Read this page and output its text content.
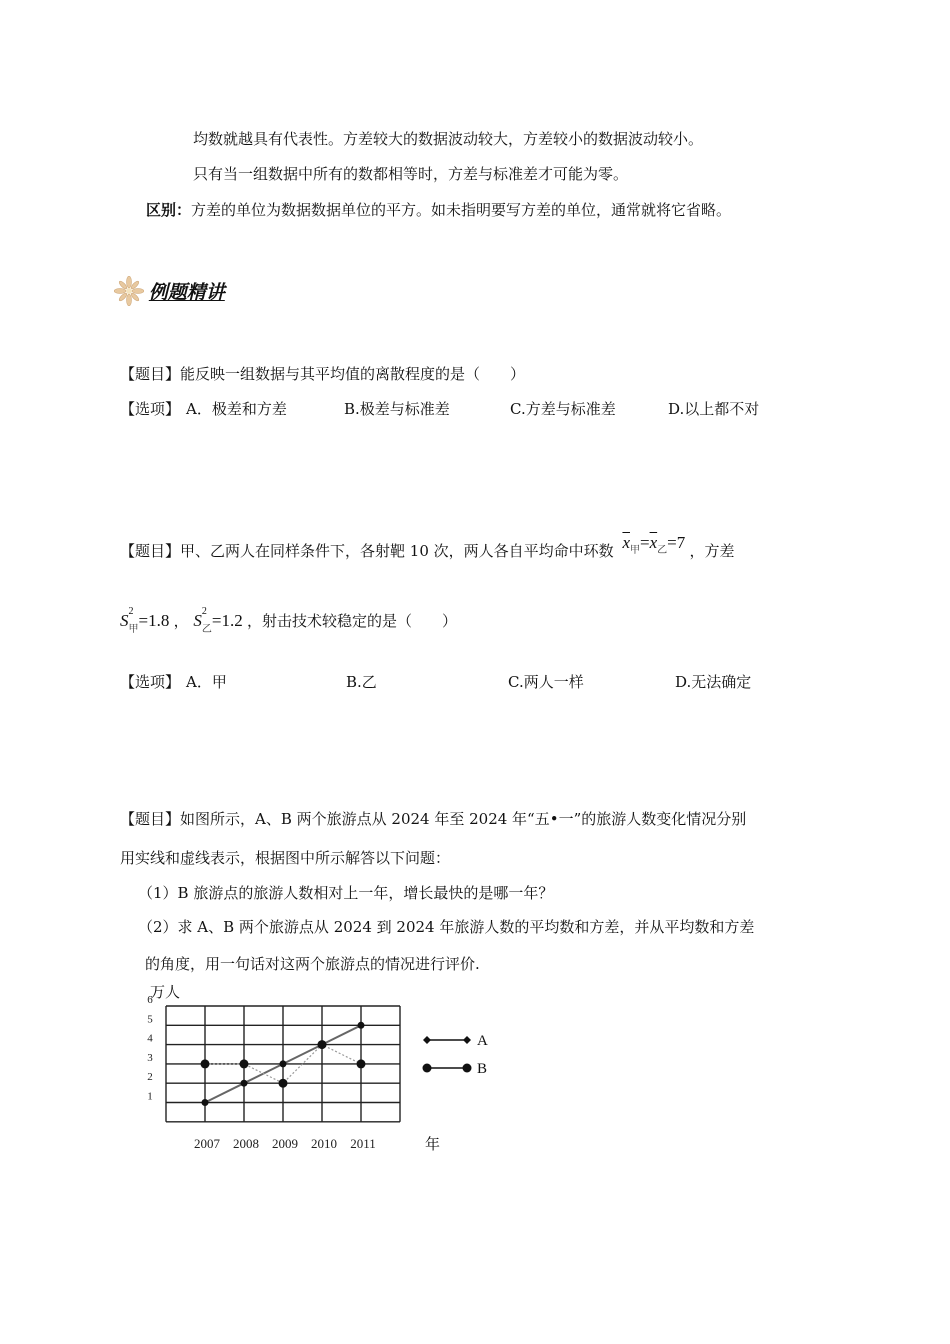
均数就越具有代表性。方差较大的数据波动较大，方差较小的数据波动较小。
只有当一组数据中所有的数都相等时，方差与标准差才可能为零。
区别：方差的单位为数据数据单位的平方。如未指明要写方差的单位，通常就将它省略。
例题精讲
【题目】能反映一组数据与其平均值的离散程度的是（　　）
【选项】 A．极差和方差	B.极差与标准差	C.方差与标准差	D.以上都不对
【题目】甲、乙两人在同样条件下，各射靶 10 次，两人各自平均命中环数 $\overline{x}_甲=\overline{x}_乙=7$ ，方差
S 2
甲 =1.8 ， S 2
乙 =1.2 ，射击技术较稳定的是（　　）
【选项】 A．甲	B.乙	C.两人一样	D.无法确定
【题目】如图所示，A、B 两个旅游点从 2024 年至 2024 年“五•一”的旅游人数变化情况分别
用实线和虚线表示，根据图中所示解答以下问题：
（1）B 旅游点的旅游人数相对上一年，增长最快的是哪一年？
（2）求 A、B 两个旅游点从 2024 到 2024 年旅游人数的平均数和方差，并从平均数和方差
的角度，用一句话对这两个旅游点的情况进行评价.
1
2
3
4
5
6
万人
2007 2008 2009 2010 2011	年
A
B
